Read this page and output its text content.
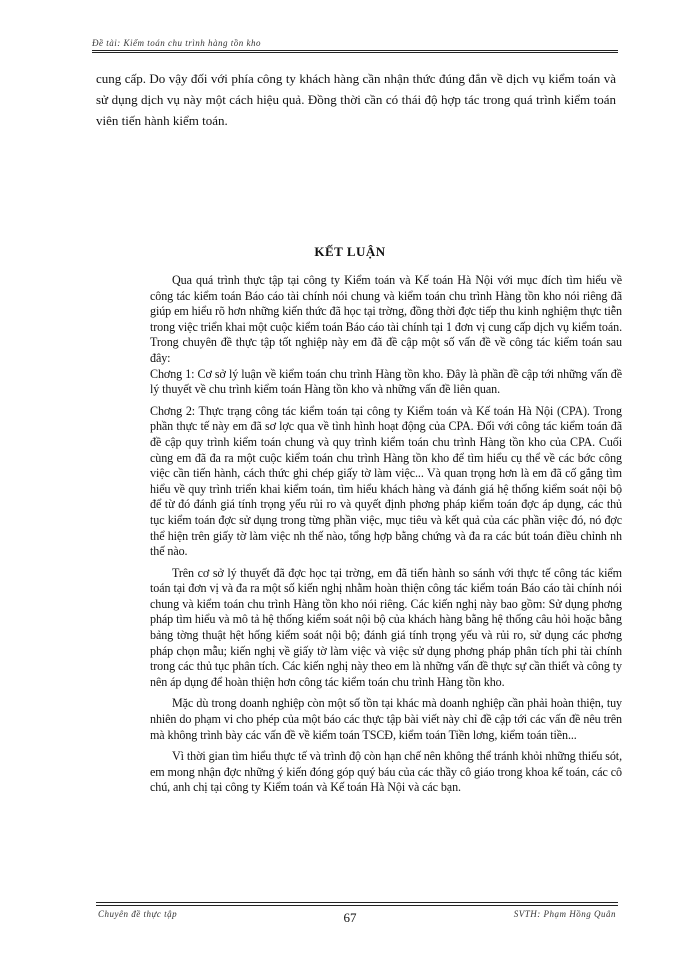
Đề tài: Kiểm toán chu trình hàng tồn kho

cung cấp. Do vậy đối với phía công ty khách hàng cần nhận thức đúng đắn về dịch vụ kiểm toán và sử dụng dịch vụ này một cách hiệu quả. Đồng thời cần có thái độ hợp tác trong quá trình kiểm toán viên tiến hành kiểm toán.

KẾT LUẬN

Qua quá trình thực tập tại công ty Kiểm toán và Kế toán Hà Nội với mục đích tìm hiểu về công tác kiểm toán Báo cáo tài chính nói chung và kiểm toán chu trình Hàng tồn kho nói riêng đã giúp em hiểu rõ hơn những kiến thức đã học tại trờng, đồng thời đợc tiếp thu kinh nghiệm thực tiễn trong việc triển khai một cuộc kiểm toán Báo cáo tài chính tại 1 đơn vị cung cấp dịch vụ kiểm toán. Trong chuyên đề thực tập tốt nghiệp này em đã đề cập một số vấn đề về công tác kiểm toán sau đây:

Chơng 1: Cơ sở lý luận về kiểm toán chu trình Hàng tồn kho. Đây là phần đề cập tới những vấn đề lý thuyết về chu trình kiểm toán Hàng tồn kho và những vấn đề liên quan.

Chơng 2: Thực trạng công tác kiểm toán tại công ty Kiểm toán và Kế toán Hà Nội (CPA). Trong phần thực tế này em đã sơ lợc qua về tình hình hoạt động của CPA. Đối với công tác kiểm toán đã đề cập quy trình kiểm toán chung và quy trình kiểm toán chu trình Hàng tồn kho của CPA. Cuối cùng em đã đa ra một cuộc kiểm toán chu trình Hàng tồn kho để tìm hiểu cụ thể về các bớc công việc cần tiến hành, cách thức ghi chép giấy tờ làm việc... Và quan trọng hơn là em đã cố gắng tìm hiểu về quy trình triển khai kiểm toán, tìm hiểu khách hàng và đánh giá hệ thống kiểm soát nội bộ để từ đó đánh giá tính trọng yếu rủi ro và quyết định phơng pháp kiểm toán đợc áp dụng, các thủ tục kiểm toán đợc sử dụng trong từng phần việc, mục tiêu và kết quả của các phần việc đó, nó đợc thể hiện trên giấy tờ làm việc nh thế nào, tổng hợp bằng chứng và đa ra các bút toán điều chỉnh nh thế nào.

Trên cơ sở lý thuyết đã đợc học tại trờng, em đã tiến hành so sánh với thực tế công tác kiểm toán tại đơn vị và đa ra một số kiến nghị nhằm hoàn thiện công tác kiểm toán Báo cáo tài chính nói chung và kiểm toán chu trình Hàng tồn kho nói riêng. Các kiến nghị này bao gồm: Sử dụng phơng pháp tìm hiểu và mô tả hệ thống kiểm soát nội bộ của khách hàng bằng hệ thống câu hỏi hoặc bằng bảng tờng thuật hệt hống kiểm soát nội bộ; đánh giá tính trọng yếu và rủi ro, sử dụng các phơng pháp chọn mẫu; kiến nghị về giấy tờ làm việc và việc sử dụng phơng pháp phân tích phi tài chính trong các thủ tục phân tích. Các kiến nghị này theo em là những vấn đề thực sự cần thiết và công ty nên áp dụng để hoàn thiện hơn công tác kiểm toán chu trình Hàng tồn kho.

Mặc dù trong doanh nghiệp còn một số tồn tại khác mà doanh nghiệp cần phải hoàn thiện, tuy nhiên do phạm vi cho phép của một báo các thực tập bài viết này chỉ đề cập tới các vấn đề nêu trên mà không trình bày các vấn đề về kiểm toán TSCĐ, kiểm toán Tiền lơng, kiểm toán tiền...

Vì thời gian tìm hiểu thực tế và trình độ còn hạn chế nên không thể tránh khỏi những thiếu sót, em mong nhận đợc những ý kiến đóng góp quý báu của các thầy cô giáo trong khoa kế toán, các cô chú, anh chị tại công ty Kiểm toán và Kế toán Hà Nội và các bạn.

Chuyên đề thực tập	67	SVTH: Phạm Hồng Quân
